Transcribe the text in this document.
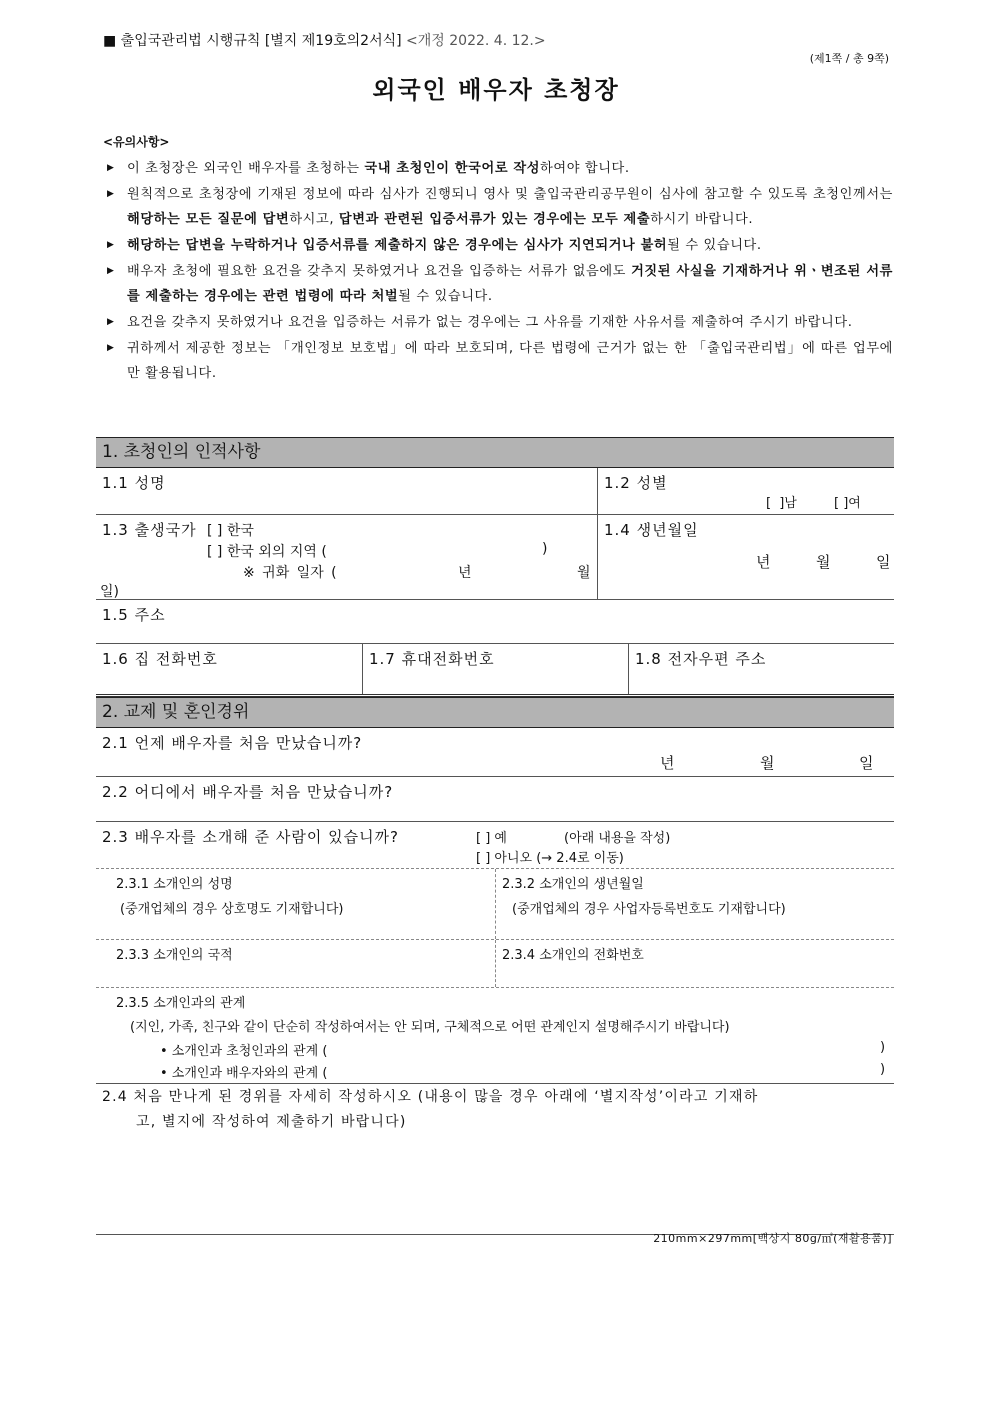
■ 출입국관리법 시행규칙 [별지 제19호의2서식] <개정 2022. 4. 12.>
(제1쪽 / 총 9쪽)
외국인 배우자 초청장
<유의사항>
▶ 이 초청장은 외국인 배우자를 초청하는 국내 초청인이 한국어로 작성하여야 합니다.
▶ 원칙적으로 초청장에 기재된 정보에 따라 심사가 진행되니 영사 및 출입국관리공무원이 심사에 참고할 수 있도록 초청인께서는 해당하는 모든 질문에 답변하시고, 답변과 관련된 입증서류가 있는 경우에는 모두 제출하시기 바랍니다.
▶ 해당하는 답변을 누락하거나 입증서류를 제출하지 않은 경우에는 심사가 지연되거나 불허될 수 있습니다.
▶ 배우자 초청에 필요한 요건을 갖추지 못하였거나 요건을 입증하는 서류가 없음에도 거짓된 사실을 기재하거나 위ㆍ변조된 서류를 제출하는 경우에는 관련 법령에 따라 처벌될 수 있습니다.
▶ 요건을 갖추지 못하였거나 요건을 입증하는 서류가 없는 경우에는 그 사유를 기재한 사유서를 제출하여 주시기 바랍니다.
▶ 귀하께서 제공한 정보는 「개인정보 보호법」에 따라 보호되며, 다른 법령에 근거가 없는 한 「출입국관리법」에 따른 업무에만 활용됩니다.
1. 초청인의 인적사항
1.1 성명	1.2 성별
[ ]남	[ ]여
1.3 출생국가 [ ] 한국
[ ] 한국 외의 지역 (	)
※ 귀화 일자 (	년	월
일)
1.4 생년월일
년	월	일
1.5 주소
1.6 집 전화번호	1.7 휴대전화번호	1.8 전자우편 주소
2. 교제 및 혼인경위
2.1 언제 배우자를 처음 만났습니까?
년	월	일
2.2 어디에서 배우자를 처음 만났습니까?
2.3 배우자를 소개해 준 사람이 있습니까?	[ ] 예	(아래 내용을 작성)
[ ] 아니오 (→ 2.4로 이동)
2.3.1 소개인의 성명
(중개업체의 경우 상호명도 기재합니다)
2.3.2 소개인의 생년월일
(중개업체의 경우 사업자등록번호도 기재합니다)
2.3.3 소개인의 국적	2.3.4 소개인의 전화번호
2.3.5 소개인과의 관계
(지인, 가족, 친구와 같이 단순히 작성하여서는 안 되며, 구체적으로 어떤 관계인지 설명해주시기 바랍니다)
• 소개인과 초청인과의 관계 (	)
• 소개인과 배우자와의 관계 (	)
2.4 처음 만나게 된 경위를 자세히 작성하시오 (내용이 많을 경우 아래에 ‘별지작성’이라고 기재하
고, 별지에 작성하여 제출하기 바랍니다)
210mm×297mm[백상지 80g/㎡(재활용품)]
